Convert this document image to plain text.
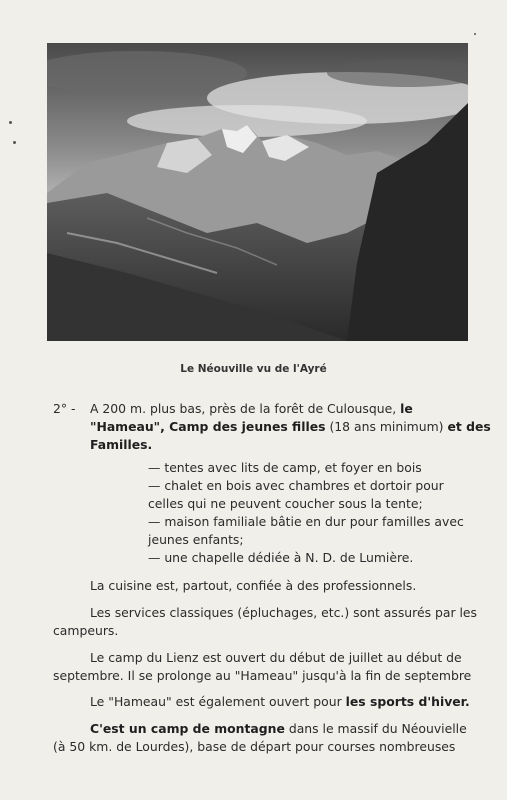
Le Néouville vu de l'Ayré
2° - A 200 m. plus bas, près de la forêt de Culousque, le
"Hameau", Camp des jeunes filles (18 ans minimum) et des
Familles.
— tentes avec lits de camp, et foyer en bois
— chalet en bois avec chambres et dortoir pour
celles qui ne peuvent coucher sous la tente;
— maison familiale bâtie en dur pour familles avec
jeunes enfants;
— une chapelle dédiée à N. D. de Lumière.
La cuisine est, partout, confiée à des professionnels.
Les services classiques (épluchages, etc.) sont assurés par les
campeurs.
Le camp du Lienz est ouvert du début de juillet au début de
septembre. Il se prolonge au "Hameau" jusqu'à la fin de septembre
Le "Hameau" est également ouvert pour les sports d'hiver.
C'est un camp de montagne dans le massif du Néouvielle
(à 50 km. de Lourdes), base de départ pour courses nombreuses
